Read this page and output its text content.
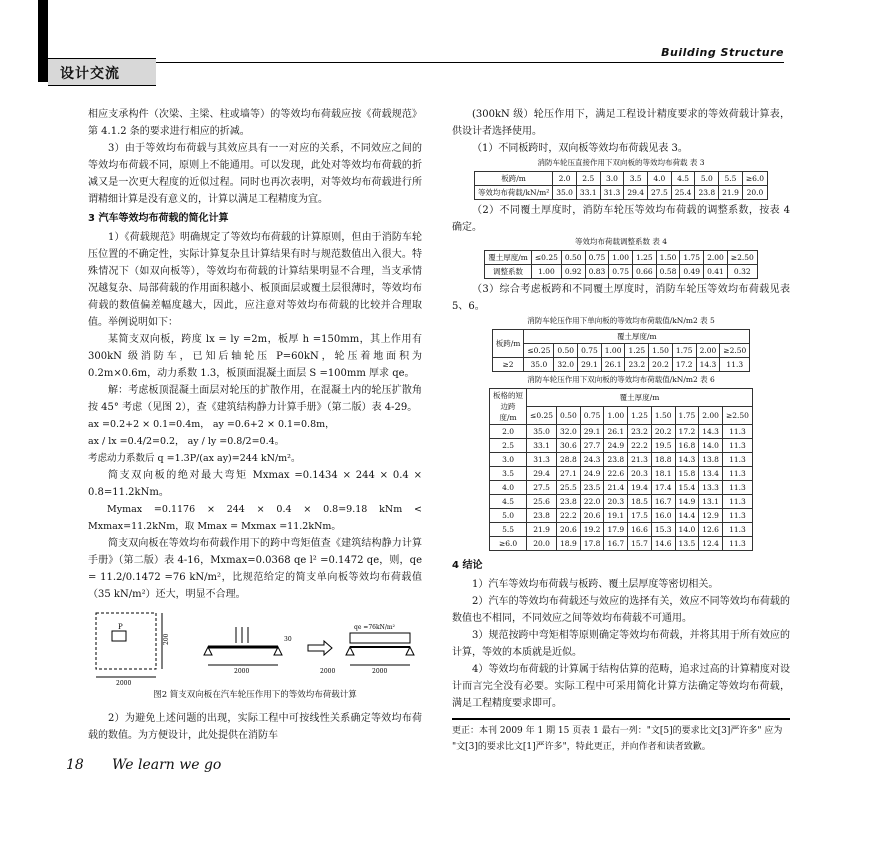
设计交流
Building Structure

相应支承构件（次梁、主梁、柱或墙等）的等效均布荷载应按《荷载规范》第 4.1.2 条的要求进行相应的折减。

3）由于等效均布荷载与其效应具有一一对应的关系，不同效应之间的等效均布荷载不同，原则上不能通用。可以发现，此处对等效均布荷载的折减又是一次更大程度的近似过程。同时也再次表明，对等效均布荷载进行所谓精细计算是没有意义的，计算以满足工程精度为宜。

3 汽车等效均布荷载的简化计算

1）《荷载规范》明确规定了等效均布荷载的计算原则，但由于消防车轮压位置的不确定性，实际计算复杂且计算结果有时与规范数值出入很大。特殊情况下（如双向板等），等效均布荷载的计算结果明显不合理，当支承情况越复杂、局部荷载的作用面积越小、板顶面层或覆土层很薄时，等效均布荷载的数值偏差幅度越大，因此，应注意对等效均布荷载的比较并合理取值。举例说明如下：

某简支双向板，跨度 lx = ly =2m，板厚 h =150mm，其上作用有 300kN 级消防车，已知后轴轮压 P=60kN，轮压着地面积为 0.2m×0.6m，动力系数 1.3，板顶面混凝土面层 S =100mm 厚求 qe。

解：考虑板顶混凝土面层对轮压的扩散作用，在混凝土内的轮压扩散角按 45° 考虑（见图 2），查《建筑结构静力计算手册》（第二版）表 4-29。

ax =0.2+2 × 0.1=0.4m， ay =0.6+2 × 0.1=0.8m，

ax / lx =0.4/2=0.2， ay / ly =0.8/2=0.4。

考虑动力系数后 q =1.3P/(ax ay)=244 kN/m²。

简支双向板的绝对最大弯矩 Mxmax =0.1434 × 244 × 0.4 × 0.8=11.2kNm。

Mymax =0.1176 × 244 × 0.4 × 0.8=9.18 kNm < Mxmax=11.2kNm，取 Mmax = Mxmax =11.2kNm。

简支双向板在等效均布荷载作用下的跨中弯矩值查《建筑结构静力计算手册》（第二版）表 4-16，Mxmax=0.0368 qe l² =0.1472 qe，则，qe = 11.2/0.1472 =76 kN/m²，比规范给定的简支单向板等效均布荷载值（35 kN/m²）还大，明显不合理。

P
2000
200	30
2000
qe =76kN/m²
2000
2000
图2 简支双向板在汽车轮压作用下的等效均布荷载计算

2）为避免上述问题的出现，实际工程中可按线性关系确定等效均布荷载的数值。为方便设计，此处提供在消防车

(300kN 级）轮压作用下，满足工程设计精度要求的等效荷载计算表，供设计者选择使用。

（1）不同板跨时，双向板等效均布荷载见表 3。

消防车轮压直接作用下双向板的等效均布荷载 表 3
板跨/m	2.0	2.5	3.0	3.5	4.0	4.5	5.0	5.5	≥6.0
等效均布荷载/kN/m²	35.0	33.1	31.3	29.4	27.5	25.4	23.8	21.9	20.0

（2）不同覆土厚度时，消防车轮压等效均布荷载的调整系数，按表 4 确定。

等效均布荷载调整系数 表 4
覆土厚度/m	≤0.25	0.50	0.75	1.00	1.25	1.50	1.75	2.00	≥2.50
调整系数	1.00	0.92	0.83	0.75	0.66	0.58	0.49	0.41	0.32

（3）综合考虑板跨和不同覆土厚度时，消防车轮压等效均布荷载见表 5、6。

消防车轮压作用下单向板的等效均布荷载值/kN/m2 表 5
板跨/m	覆土厚度/m								
	≤0.25	0.50	0.75	1.00	1.25	1.50	1.75	2.00	≥2.50
≥2	35.0	32.0	29.1	26.1	23.2	20.2	17.2	14.3	11.3
消防车轮压作用下双向板的等效均布荷载值/kN/m2 表 6
板格的短边跨度/m	覆土厚度/m								
	≤0.25	0.50	0.75	1.00	1.25	1.50	1.75	2.00	≥2.50
2.0	35.0	32.0	29.1	26.1	23.2	20.2	17.2	14.3	11.3
2.5	33.1	30.6	27.7	24.9	22.2	19.5	16.8	14.0	11.3
3.0	31.3	28.8	24.3	23.8	21.3	18.8	14.3	13.8	11.3
3.5	29.4	27.1	24.9	22.6	20.3	18.1	15.8	13.4	11.3
4.0	27.5	25.5	23.5	21.4	19.4	17.4	15.4	13.3	11.3
4.5	25.6	23.8	22.0	20.3	18.5	16.7	14.9	13.1	11.3
5.0	23.8	22.2	20.6	19.1	17.5	16.0	14.4	12.9	11.3
5.5	21.9	20.6	19.2	17.9	16.6	15.3	14.0	12.6	11.3
≥6.0	20.0	18.9	17.8	16.7	15.7	14.6	13.5	12.4	11.3
4 结论

1）汽车等效均布荷载与板跨、覆土层厚度等密切相关。

2）汽车的等效均布荷载还与效应的选择有关，效应不同等效均布荷载的数值也不相同，不同效应之间等效均布荷载不可通用。

3）规范按跨中弯矩相等原则确定等效均布荷载，并将其用于所有效应的计算，等效的本质就是近似。

4）等效均布荷载的计算属于结构估算的范畴，追求过高的计算精度对设计而言完全没有必要。实际工程中可采用简化计算方法确定等效均布荷载，满足工程精度要求即可。

更正：本刊 2009 年 1 期 15 页表 1 最右一列："文[5]的要求比文[3]严许多" 应为 "文[3]的要求比文[1]严许多"，特此更正，并向作者和读者致歉。
18 We learn we go
